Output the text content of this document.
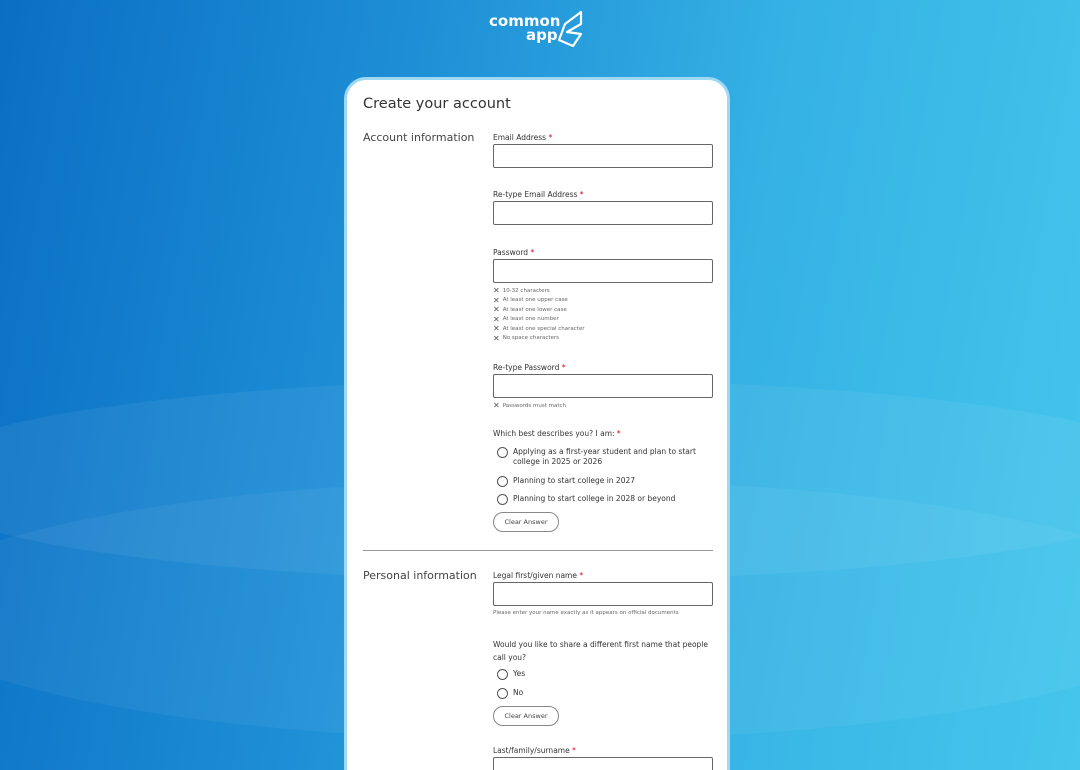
common
app
Create your account
Account information Email Address *
Re-type Email Address *
Password *
✕ 10-32 characters
✕ At least one upper case
✕ At least one lower case
✕ At least one number
✕ At least one special character
✕ No space characters
Re-type Password *
✕ Passwords must match
Which best describes you? I am: *
Applying as a first-year student and plan to start college in 2025 or 2026
Planning to start college in 2027
Planning to start college in 2028 or beyond
Clear Answer
Personal information Legal first/given name *
Please enter your name exactly as it appears on official documents
Would you like to share a different first name that people call you?
Yes
No
Clear Answer
Last/family/surname *
